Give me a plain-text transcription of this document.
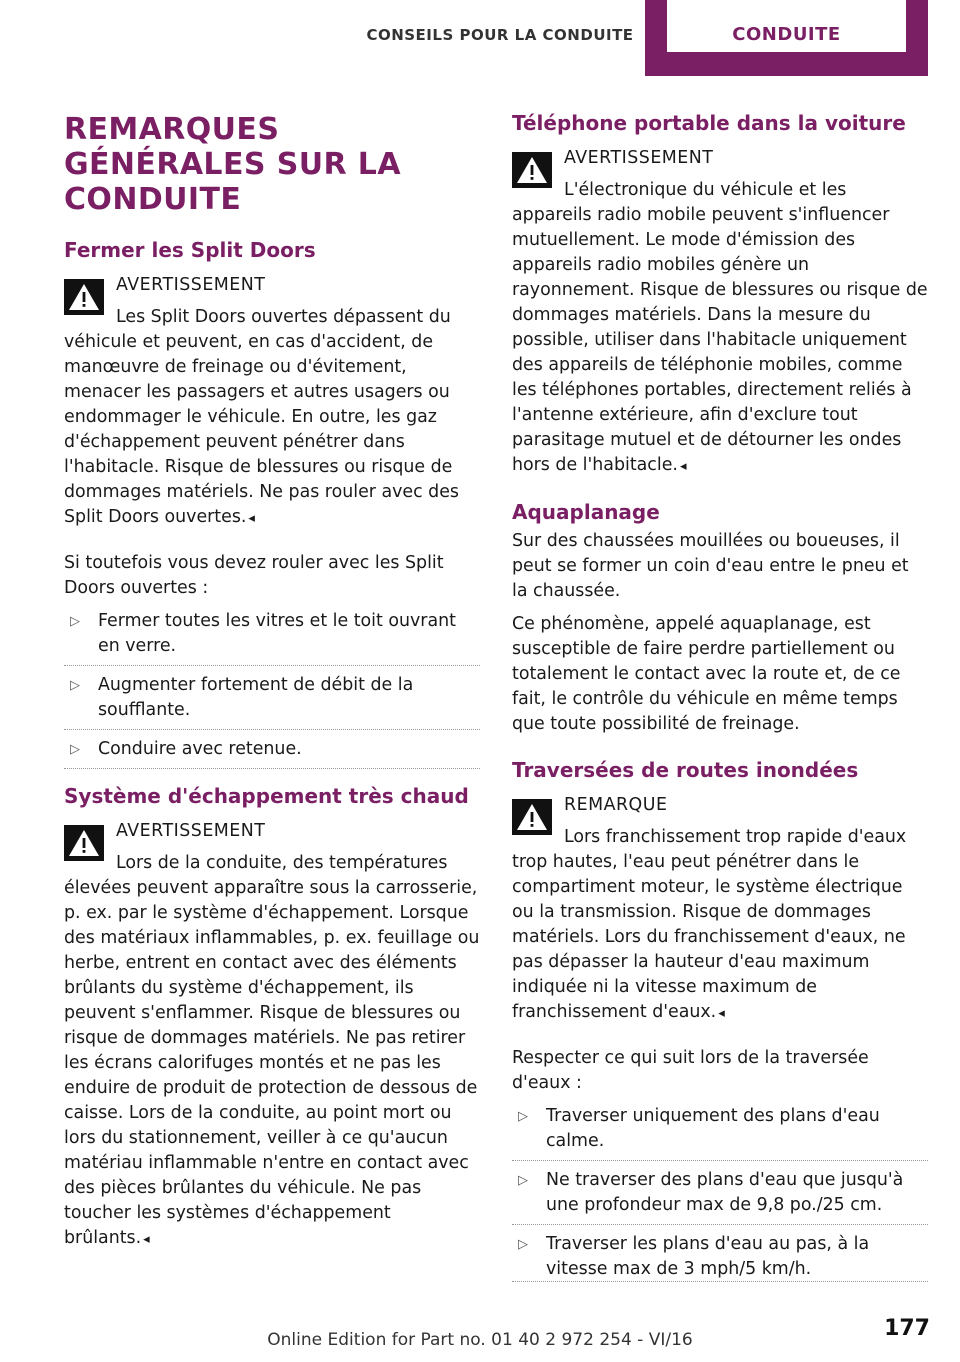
CONSEILS POUR LA CONDUITE	CONDUITE
REMARQUES GÉNÉRALES SUR LA CONDUITE
Fermer les Split Doors
AVERTISSEMENT
Les Split Doors ouvertes dépassent du véhicule et peuvent, en cas d'accident, de manœuvre de freinage ou d'évitement, menacer les passagers et autres usagers ou endommager le véhicule. En outre, les gaz d'échappement peuvent pénétrer dans l'habitacle. Risque de blessures ou risque de dommages matériels. Ne pas rouler avec des Split Doors ouvertes. ◂

Si toutefois vous devez rouler avec les Split Doors ouvertes :

▷ Fermer toutes les vitres et le toit ouvrant en verre.
▷ Augmenter fortement de débit de la soufflante.
▷ Conduire avec retenue.
Système d'échappement très chaud
AVERTISSEMENT
Lors de la conduite, des températures élevées peuvent apparaître sous la carrosserie, p. ex. par le système d'échappement. Lorsque des matériaux inflammables, p. ex. feuillage ou herbe, entrent en contact avec des éléments brûlants du système d'échappement, ils peuvent s'enflammer. Risque de blessures ou risque de dommages matériels. Ne pas retirer les écrans calorifuges montés et ne pas les enduire de produit de protection de dessous de caisse. Lors de la conduite, au point mort ou lors du stationnement, veiller à ce qu'aucun matériau inflammable n'entre en contact avec des pièces brûlantes du véhicule. Ne pas toucher les systèmes d'échappement brûlants. ◂
Téléphone portable dans la voiture
AVERTISSEMENT
L'électronique du véhicule et les appareils radio mobile peuvent s'influencer mutuellement. Le mode d'émission des appareils radio mobiles génère un rayonnement. Risque de blessures ou risque de dommages matériels. Dans la mesure du possible, utiliser dans l'habitacle uniquement des appareils de téléphonie mobiles, comme les téléphones portables, directement reliés à l'antenne extérieure, afin d'exclure tout parasitage mutuel et de détourner les ondes hors de l'habitacle. ◂
Aquaplanage

Sur des chaussées mouillées ou boueuses, il peut se former un coin d'eau entre le pneu et la chaussée.

Ce phénomène, appelé aquaplanage, est susceptible de faire perdre partiellement ou totalement le contact avec la route et, de ce fait, le contrôle du véhicule en même temps que toute possibilité de freinage.

Traversées de routes inondées
REMARQUE
Lors franchissement trop rapide d'eaux trop hautes, l'eau peut pénétrer dans le compartiment moteur, le système électrique ou la transmission. Risque de dommages matériels. Lors du franchissement d'eaux, ne pas dépasser la hauteur d'eau maximum indiquée ni la vitesse maximum de franchissement d'eaux. ◂

Respecter ce qui suit lors de la traversée d'eaux :

▷ Traverser uniquement des plans d'eau calme.
▷ Ne traverser des plans d'eau que jusqu'à une profondeur max de 9,8 po./25 cm.
▷ Traverser les plans d'eau au pas, à la vitesse max de 3 mph/5 km/h.
177
Online Edition for Part no. 01 40 2 972 254 - VI/16
